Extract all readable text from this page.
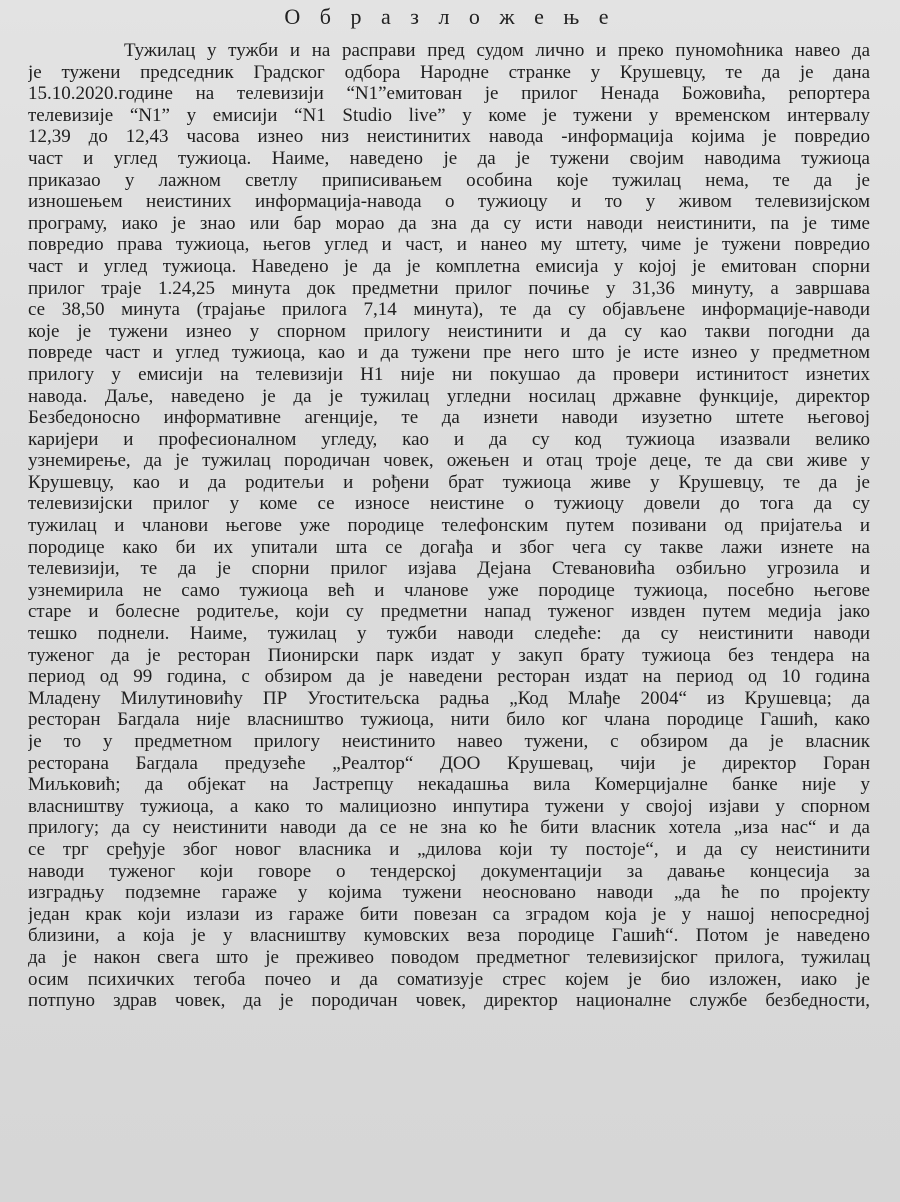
О б р а з л о ж е њ е
Тужилац у тужби и на расправи пред судом лично и преко пуномоћника навео да
је тужени председник Градског одбора Народне странке у Крушевцу, те да је дана
15.10.2020.године на телевизији “N1”емитован је прилог Ненада Божовића, репортера
телевизије “N1” у емисији “N1 Studio live” у коме је тужени у временском интервалу
12,39 до 12,43 часова изнео низ неистинитих навода -информација којима је повредио
част и углед тужиоца. Наиме, наведено је да је тужени својим наводима тужиоца
приказао у лажном светлу приписивањем особина које тужилац нема, те да је
изношењем неистиних информација-навода о тужиоцу и то у живом телевизијском
програму, иако је знао или бар морао да зна да су исти наводи неистинити, па је тиме
повредио права тужиоца, његов углед и част, и нанео му штету, чиме је тужени повредио
част и углед тужиоца. Наведено је да је комплетна емисија у којој је емитован спорни
прилог траје 1.24,25 минута док предметни прилог почиње у 31,36 минуту, а завршава
се 38,50 минута (трајање прилога 7,14 минута), те да су објављене информације-наводи
које је тужени изнео у спорном прилогу неистинити и да су као такви погодни да
повреде част и углед тужиоца, као и да тужени пре него што је исте изнео у предметном
прилогу у емисији на телевизији Н1 није ни покушао да провери истинитост изнетих
навода. Даље, наведено је да је тужилац угледни носилац државне функције, директор
Безбедоносно информативне агенције, те да изнети наводи изузетно штете његовој
каријери и професионалном угледу, као и да су код тужиоца изазвали велико
узнемирење, да је тужилац породичан човек, ожењен и отац троје деце, те да сви живе у
Крушевцу, као и да родитељи и рођени брат тужиоца живе у Крушевцу, те да је
телевизијски прилог у коме се износе неистине о тужиоцу довели до тога да су
тужилац и чланови његове уже породице телефонским путем позивани од пријатеља и
породице како би их упитали шта се догађа и због чега су такве лажи изнете на
телевизији, те да је спорни прилог изјава Дејана Стевановића озбиљно угрозила и
узнемирила не само тужиоца већ и чланове уже породице тужиоца, посебно његове
старе и болесне родитеље, који су предметни напад туженог извден путем медија јако
тешко поднели. Наиме, тужилац у тужби наводи следеће: да су неистинити наводи
туженог да је ресторан Пионирски парк издат у закуп брату тужиоца без тендера на
период од 99 година, с обзиром да је наведени ресторан издат на период од 10 година
Младену Милутиновићу ПР Угоститељска радња „Код Млађе 2004“ из Крушевца; да
ресторан Багдала није власништво тужиоца, нити било ког члана породице Гашић, како
је то у предметном прилогу неистинито навео тужени, с обзиром да је власник
ресторана Багдала предузеће „Реалтор“ ДОО Крушевац, чији је директор Горан
Миљковић; да објекат на Јастрепцу некадашња вила Комерцијалне банке није у
власништву тужиоца, а како то малициозно инпутира тужени у својој изјави у спорном
прилогу; да су неистинити наводи да се не зна ко ће бити власник хотела „иза нас“ и да
се трг сређује због новог власника и „дилова који ту постоје“, и да су неистинити
наводи туженог који говоре о тендерској документацији за давање концесија за
изградњу подземне гараже у којима тужени неосновано наводи „да ће по пројекту
један крак који излази из гараже бити повезан са зградом која је у нашој непосредној
близини, а која је у власништву кумовских веза породице Гашић“. Потом је наведено
да је након свега што је преживео поводом предметног телевизијског прилога, тужилац
осим психичких тегоба почео и да соматизује стрес којем је био изложен, иако је
потпуно здрав човек, да је породичан човек, директор националне службе безбедности,
